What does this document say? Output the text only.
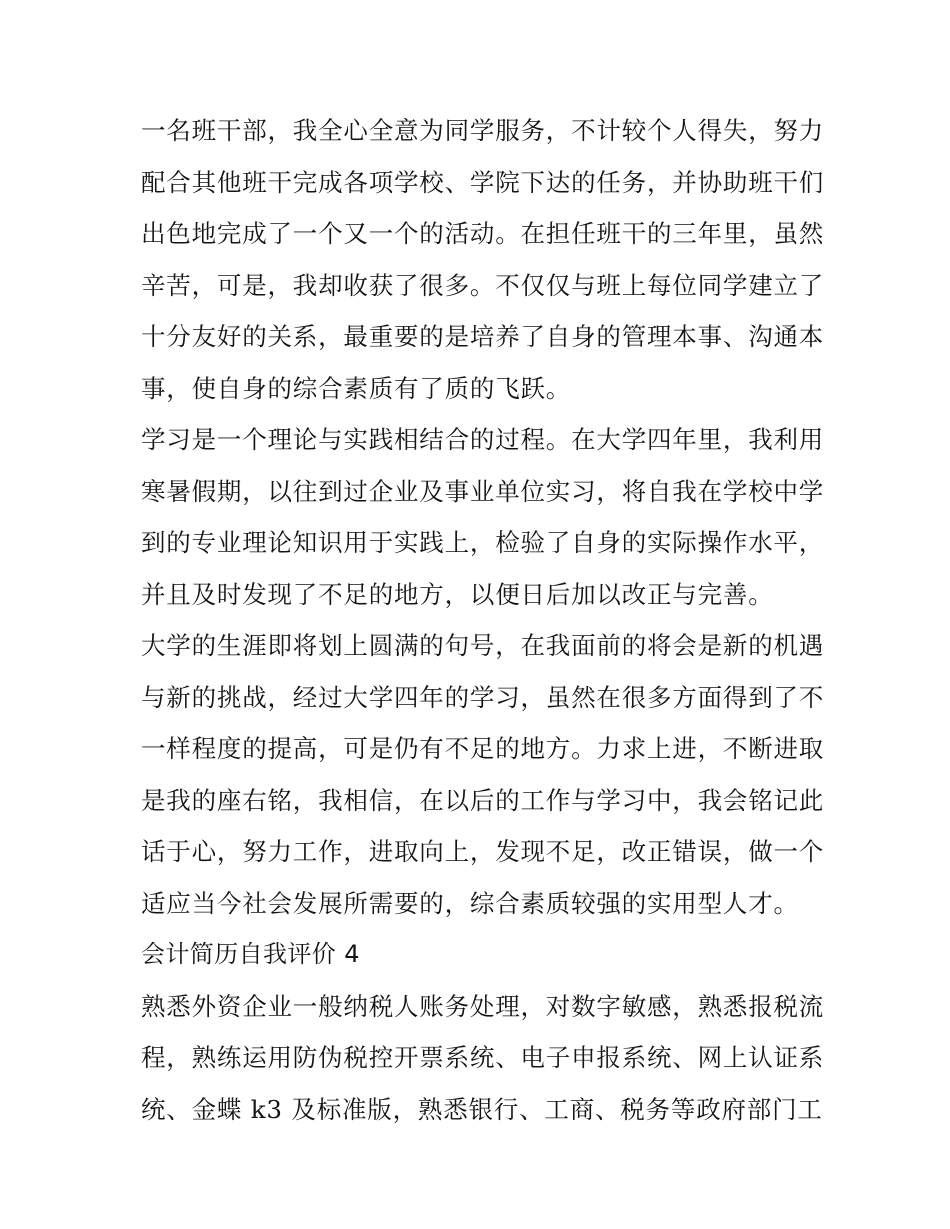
一名班干部，我全心全意为同学服务，不计较个人得失，努力
配合其他班干完成各项学校、学院下达的任务，并协助班干们
出色地完成了一个又一个的活动。在担任班干的三年里，虽然
辛苦，可是，我却收获了很多。不仅仅与班上每位同学建立了
十分友好的关系，最重要的是培养了自身的管理本事、沟通本
事，使自身的综合素质有了质的飞跃。
学习是一个理论与实践相结合的过程。在大学四年里，我利用
寒暑假期，以往到过企业及事业单位实习，将自我在学校中学
到的专业理论知识用于实践上，检验了自身的实际操作水平，
并且及时发现了不足的地方，以便日后加以改正与完善。
大学的生涯即将划上圆满的句号，在我面前的将会是新的机遇
与新的挑战，经过大学四年的学习，虽然在很多方面得到了不
一样程度的提高，可是仍有不足的地方。力求上进，不断进取
是我的座右铭，我相信，在以后的工作与学习中，我会铭记此
话于心，努力工作，进取向上，发现不足，改正错误，做一个
适应当今社会发展所需要的，综合素质较强的实用型人才。
会计简历自我评价 4
熟悉外资企业一般纳税人账务处理，对数字敏感，熟悉报税流
程，熟练运用防伪税控开票系统、电子申报系统、网上认证系
统、金蝶 k3 及标准版，熟悉银行、工商、税务等政府部门工
